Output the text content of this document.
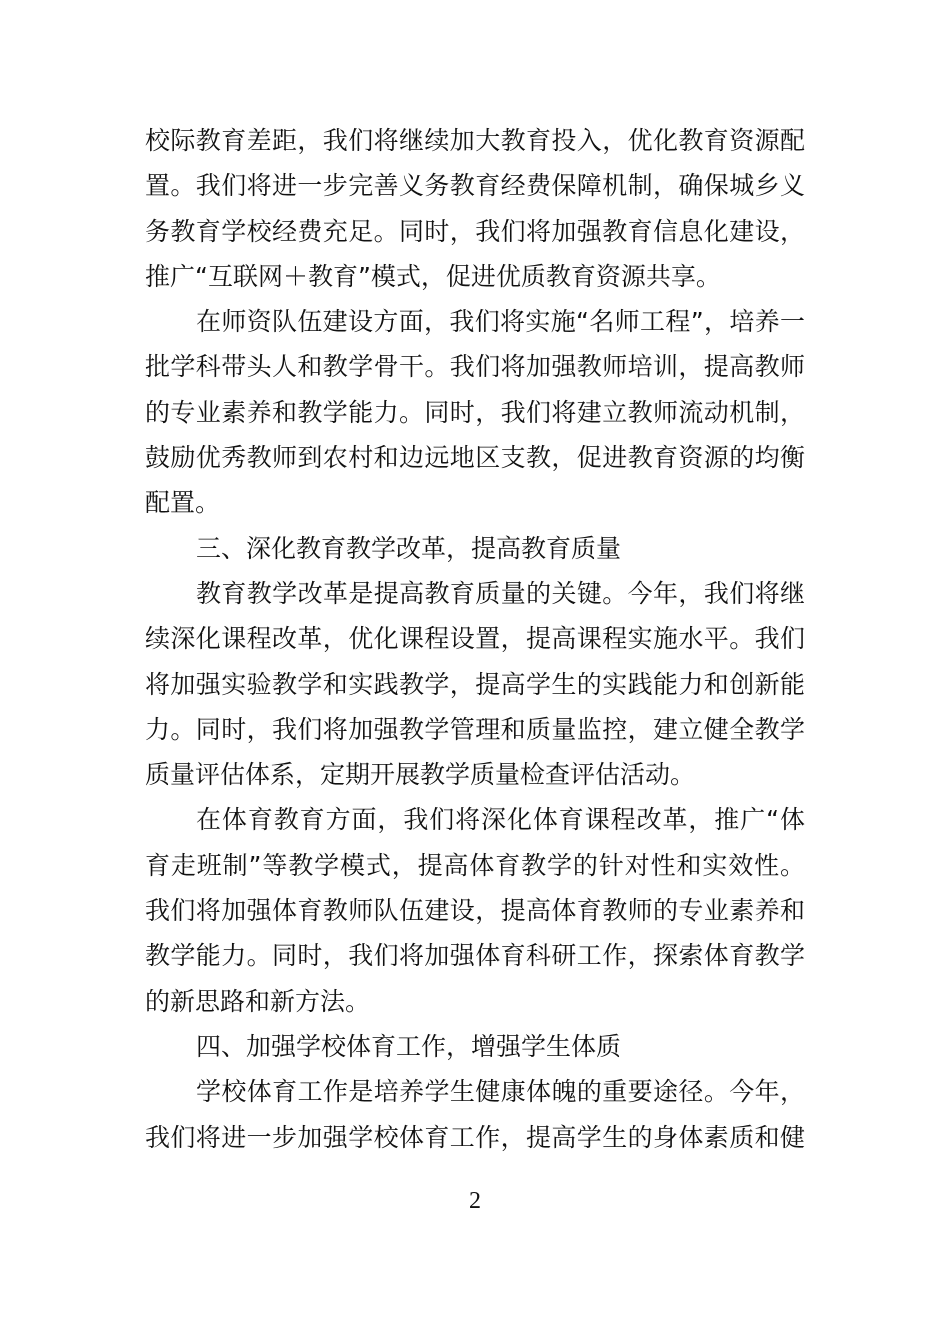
校际教育差距，我们将继续加大教育投入，优化教育资源配
置。我们将进一步完善义务教育经费保障机制，确保城乡义
务教育学校经费充足。同时，我们将加强教育信息化建设，
推广“互联网＋教育”模式，促进优质教育资源共享。
在师资队伍建设方面，我们将实施“名师工程”，培养一
批学科带头人和教学骨干。我们将加强教师培训，提高教师
的专业素养和教学能力。同时，我们将建立教师流动机制，
鼓励优秀教师到农村和边远地区支教，促进教育资源的均衡
配置。
三、深化教育教学改革，提高教育质量
教育教学改革是提高教育质量的关键。今年，我们将继
续深化课程改革，优化课程设置，提高课程实施水平。我们
将加强实验教学和实践教学，提高学生的实践能力和创新能
力。同时，我们将加强教学管理和质量监控，建立健全教学
质量评估体系，定期开展教学质量检查评估活动。
在体育教育方面，我们将深化体育课程改革，推广“体
育走班制”等教学模式，提高体育教学的针对性和实效性。
我们将加强体育教师队伍建设，提高体育教师的专业素养和
教学能力。同时，我们将加强体育科研工作，探索体育教学
的新思路和新方法。
四、加强学校体育工作，增强学生体质
学校体育工作是培养学生健康体魄的重要途径。今年，
我们将进一步加强学校体育工作，提高学生的身体素质和健
2
